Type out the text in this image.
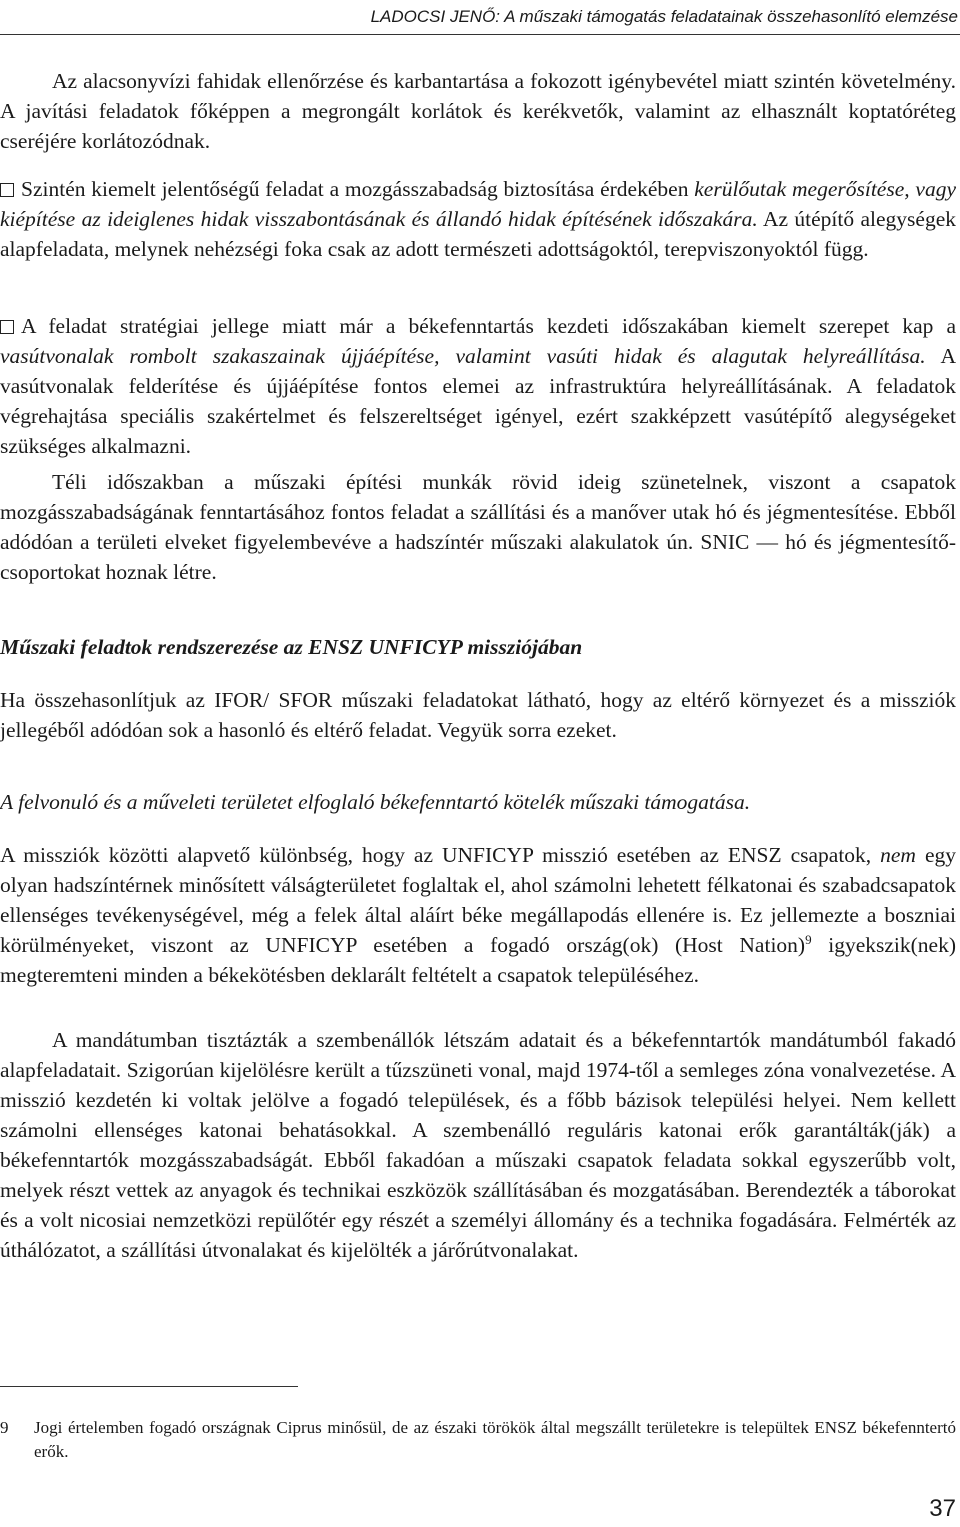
LADOCSI JENŐ: A műszaki támogatás feladatainak összehasonlító elemzése

Az alacsonyvízi fahidak ellenőrzése és karbantartása a fokozott igénybevétel miatt szintén követelmény. A javítási feladatok főképpen a megrongált korlátok és kerékvetők, valamint az elhasznált koptatóréteg cseréjére korlátozódnak.

Szintén kiemelt jelentőségű feladat a mozgásszabadság biztosítása érdekében kerülőutak megerősítése, vagy kiépítése az ideiglenes hidak visszabontásának és állandó hidak építésének időszakára. Az útépítő alegységek alapfeladata, melynek nehézségi foka csak az adott természeti adottságoktól, terepviszonyoktól függ.

A feladat stratégiai jellege miatt már a békefenntartás kezdeti időszakában kiemelt szerepet kap a vasútvonalak rombolt szakaszainak újjáépítése, valamint vasúti hidak és alagutak helyreállítása. A vasútvonalak felderítése és újjáépítése fontos elemei az infrastruktúra helyreállításának. A feladatok végrehajtása speciális szakértelmet és felszereltséget igényel, ezért szakképzett vasútépítő alegységeket szükséges alkalmazni.

Téli időszakban a műszaki építési munkák rövid ideig szünetelnek, viszont a csapatok mozgásszabadságának fenntartásához fontos feladat a szállítási és a manőver utak hó és jégmentesítése. Ebből adódóan a területi elveket figyelembevéve a hadszíntér műszaki alakulatok ún. SNIC — hó és jégmentesítő-csoportokat hoznak létre.

Műszaki feladtok rendszerezése az ENSZ UNFICYP missziójában

Ha összehasonlítjuk az IFOR/ SFOR műszaki feladatokat látható, hogy az eltérő környezet és a missziók jellegéből adódóan sok a hasonló és eltérő feladat. Vegyük sorra ezeket.

A felvonuló és a műveleti területet elfoglaló békefenntartó kötelék műszaki támogatása.

A missziók közötti alapvető különbség, hogy az UNFICYP misszió esetében az ENSZ csapatok, nem egy olyan hadszíntérnek minősített válságterületet foglaltak el, ahol számolni lehetett félkatonai és szabadcsapatok ellenséges tevékenységével, még a felek által aláírt béke megállapodás ellenére is. Ez jellemezte a boszniai körülményeket, viszont az UNFICYP esetében a fogadó ország(ok) (Host Nation)$^9$ igyekszik(nek) megteremteni minden a békekötésben deklarált feltételt a csapatok településéhez.

A mandátumban tisztázták a szembenállók létszám adatait és a békefenntartók mandátumból fakadó alapfeladatait. Szigorúan kijelölésre került a tűzszüneti vonal, majd 1974-től a semleges zóna vonalvezetése. A misszió kezdetén ki voltak jelölve a fogadó települések, és a főbb bázisok települési helyei. Nem kellett számolni ellenséges katonai behatásokkal. A szembenálló reguláris katonai erők garantálták(ják) a békefenntartók mozgásszabadságát. Ebből fakadóan a műszaki csapatok feladata sokkal egyszerűbb volt, melyek részt vettek az anyagok és technikai eszközök szállításában és mozgatásában. Berendezték a táborokat és a volt nicosiai nemzetközi repülőtér egy részét a személyi állomány és a technika fogadására. Felmérték az úthálózatot, a szállítási útvonalakat és kijelölték a járőrútvonalakat.

9	Jogi értelemben fogadó országnak Ciprus minősül, de az északi törökök által megszállt területekre is települtek ENSZ békefenntertó erők.
37
